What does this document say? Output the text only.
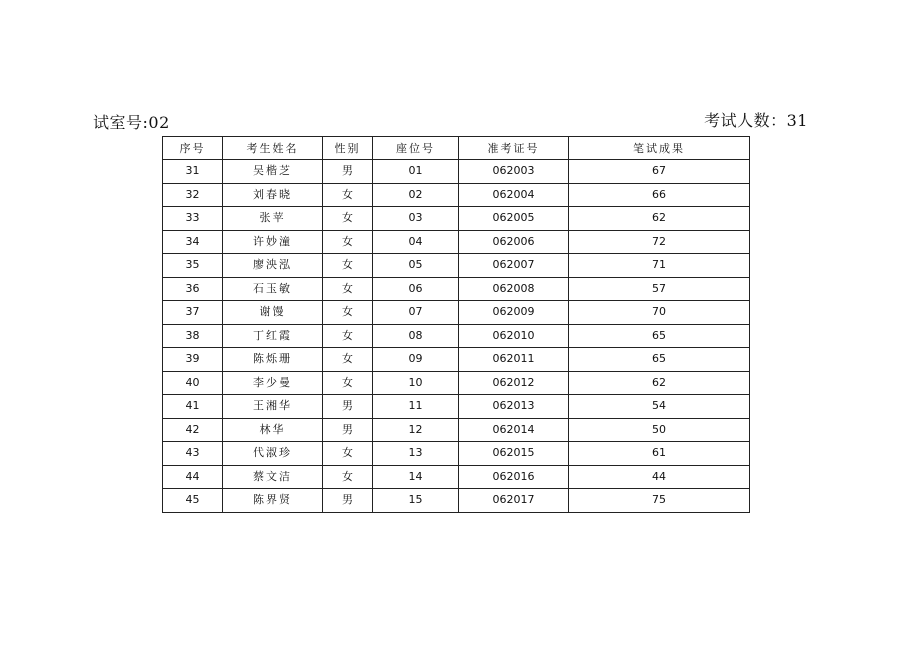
试室号:02	考试人数：31
序号	考生姓名	性别	座位号	准考证号	笔试成果
31	吴楷芝	男	01	062003	67
32	刘春晓	女	02	062004	66
33	张苹	女	03	062005	62
34	许妙潼	女	04	062006	72
35	廖泱泓	女	05	062007	71
36	石玉敏	女	06	062008	57
37	谢馒	女	07	062009	70
38	丁红霞	女	08	062010	65
39	陈烁珊	女	09	062011	65
40	李少曼	女	10	062012	62
41	王湘华	男	11	062013	54
42	林华	男	12	062014	50
43	代淑珍	女	13	062015	61
44	蔡文洁	女	14	062016	44
45	陈界贤	男	15	062017	75
